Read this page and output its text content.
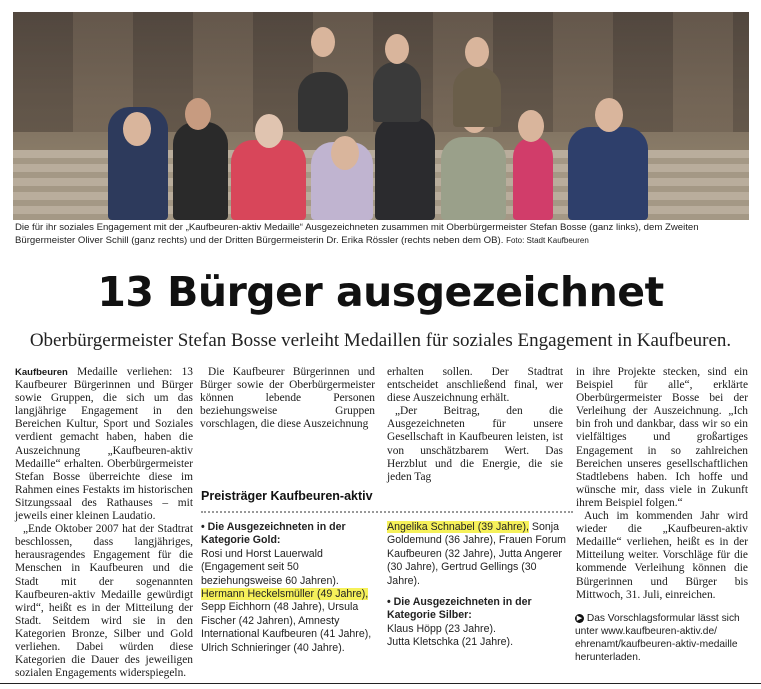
Die für ihr soziales Engagement mit der „Kaufbeuren-aktiv Medaille“ Ausgezeichneten zusammen mit Oberbürgermeister Stefan Bosse (ganz links), dem Zweiten Bürgermeister Oliver Schill (ganz rechts) und der Dritten Bürgermeisterin Dr. Erika Rössler (rechts neben dem OB). Foto: Stadt Kaufbeuren
13 Bürger ausgezeichnet
Oberbürgermeister Stefan Bosse verleiht Medaillen für soziales Engagement in Kaufbeuren.

Kaufbeuren Medaille verliehen: 13 Kaufbeurer Bürgerinnen und Bürger sowie Gruppen, die sich um das langjährige Engagement in den Bereichen Kultur, Sport und Soziales verdient gemacht haben, haben die Auszeichnung „Kaufbeuren-aktiv Medaille“ erhalten. Oberbürgermeister Stefan Bosse überreichte diese im Rahmen eines Festakts im historischen Sitzungssaal des Rathauses – mit jeweils einer kleinen Laudatio.

„Ende Oktober 2007 hat der Stadtrat beschlossen, dass langjähriges, herausragendes Engagement für die Menschen in Kaufbeuren und die Stadt mit der sogenannten Kaufbeuren-aktiv Medaille gewürdigt wird“, heißt es in der Mitteilung der Stadt. Seitdem wird sie in den Kategorien Bronze, Silber und Gold verliehen. Dabei würden diese Kategorien die Dauer des jeweiligen sozialen Engagements widerspiegeln.

Die Kaufbeurer Bürgerinnen und Bürger sowie der Oberbürgermeister können lebende Personen beziehungsweise Gruppen vorschlagen, die diese Auszeichnung

erhalten sollen. Der Stadtrat entscheidet anschließend final, wer diese Auszeichnung erhält.

„Der Beitrag, den die Ausgezeichneten für unsere Gesellschaft in Kaufbeuren leisten, ist von unschätzbarem Wert. Das Herzblut und die Energie, die sie jeden Tag

in ihre Projekte stecken, sind ein Beispiel für alle“, erklärte Oberbürgermeister Bosse bei der Verleihung der Auszeichnung. „Ich bin froh und dankbar, dass wir so ein vielfältiges und großartiges Engagement in so zahlreichen Bereichen unseres gesellschaftlichen Stadtlebens haben. Ich hoffe und wünsche mir, dass viele in Zukunft ihrem Beispiel folgen.“

Auch im kommenden Jahr wird wieder die „Kaufbeuren-aktiv Medaille“ verliehen, heißt es in der Mitteilung weiter. Vorschläge für die kommende Verleihung können die Bürgerinnen und Bürger bis Mittwoch, 31. Juli, einreichen.

Preisträger Kaufbeuren-aktiv
• Die Ausgezeichneten in der Kategorie Gold:
Rosi und Horst Lauerwald (Engagement seit 50 beziehungsweise 60 Jahren).
Hermann Heckelsmüller (49 Jahre), Sepp Eichhorn (48 Jahre), Ursula Fischer (42 Jahren), Amnesty International Kaufbeuren (41 Jahre), Ulrich Schnieringer (40 Jahre).
Angelika Schnabel (39 Jahre), Sonja Goldemund (36 Jahre), Frauen Forum Kaufbeuren (32 Jahre), Jutta Angerer (30 Jahre), Gertrud Gellings (30 Jahre).
• Die Ausgezeichneten in der Kategorie Silber:
Klaus Höpp (23 Jahre).
Jutta Kletschka (21 Jahre).
▶ Das Vorschlagsformular lässt sich unter www.kaufbeuren-aktiv.de/ ehrenamt/kaufbeuren-aktiv-medaille herunterladen.
